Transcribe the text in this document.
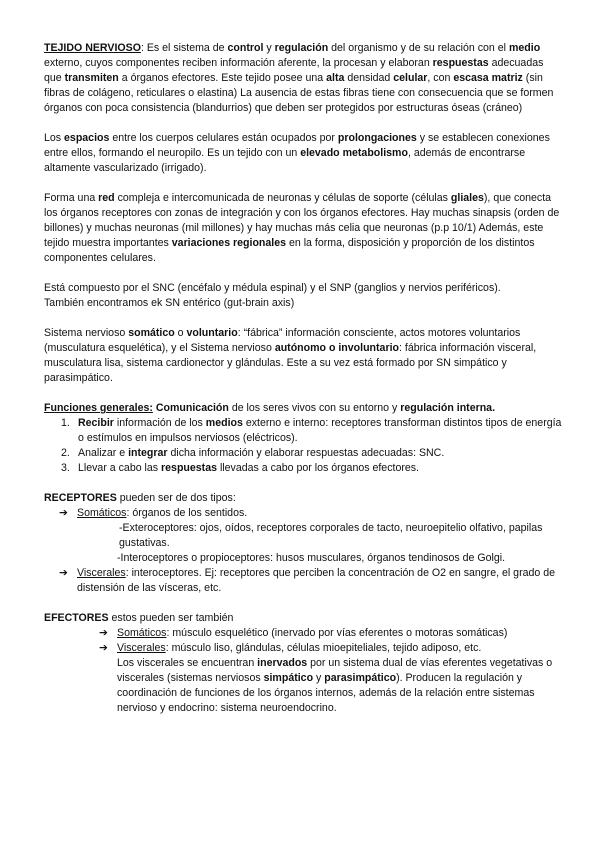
TEJIDO NERVIOSO: Es el sistema de control y regulación del organismo y de su relación con el medio externo, cuyos componentes reciben información aferente, la procesan y elaboran respuestas adecuadas que transmiten a órganos efectores. Este tejido posee una alta densidad celular, con escasa matriz (sin fibras de colágeno, reticulares o elastina) La ausencia de estas fibras tiene con consecuencia que se formen órganos con poca consistencia (blandurrios) que deben ser protegidos por estructuras óseas (cráneo)

Los espacios entre los cuerpos celulares están ocupados por prolongaciones y se establecen conexiones entre ellos, formando el neuropilo. Es un tejido con un elevado metabolismo, además de encontrarse altamente vascularizado (irrigado).

Forma una red compleja e intercomunicada de neuronas y células de soporte (células gliales), que conecta los órganos receptores con zonas de integración y con los órganos efectores. Hay muchas sinapsis (orden de billones) y muchas neuronas (mil millones) y hay muchas más celia que neuronas (p.p 10/1) Además, este tejido muestra importantes variaciones regionales en la forma, disposición y proporción de los distintos componentes celulares.

Está compuesto por el SNC (encéfalo y médula espinal) y el SNP (ganglios y nervios periféricos).

También encontramos ek SN entérico (gut-brain axis)

Sistema nervioso somático o voluntario: “fábrica” información consciente, actos motores voluntarios (musculatura esquelética), y el Sistema nervioso autónomo o involuntario: fábrica información visceral, musculatura lisa, sistema cardionector y glándulas. Este a su vez está formado por SN simpático y parasimpático.

Funciones generales: Comunicación de los seres vivos con su entorno y regulación interna.

1. Recibir información de los medios externo e interno: receptores transforman distintos tipos de energía o estímulos en impulsos nerviosos (eléctricos).
2. Analizar e integrar dicha información y elaborar respuestas adecuadas: SNC.
3. Llevar a cabo las respuestas llevadas a cabo por los órganos efectores.

RECEPTORES pueden ser de dos tipos:

➔ Somáticos: órganos de los sentidos.

-Exteroceptores: ojos, oídos, receptores corporales de tacto, neuroepitelio olfativo, papilas gustativas.

-Interoceptores o propioceptores: husos musculares, órganos tendinosos de Golgi.

➔ Viscerales: interoceptores. Ej: receptores que perciben la concentración de O2 en sangre, el grado de distensión de las vísceras, etc.

EFECTORES estos pueden ser también

➔ Somáticos: músculo esquelético (inervado por vías eferentes o motoras somáticas)

➔ Viscerales: músculo liso, glándulas, células mioepiteliales, tejido adiposo, etc.

Los viscerales se encuentran inervados por un sistema dual de vías eferentes vegetativas o viscerales (sistemas nerviosos simpático y parasimpático). Producen la regulación y coordinación de funciones de los órganos internos, además de la relación entre sistemas nervioso y endocrino: sistema neuroendocrino.
